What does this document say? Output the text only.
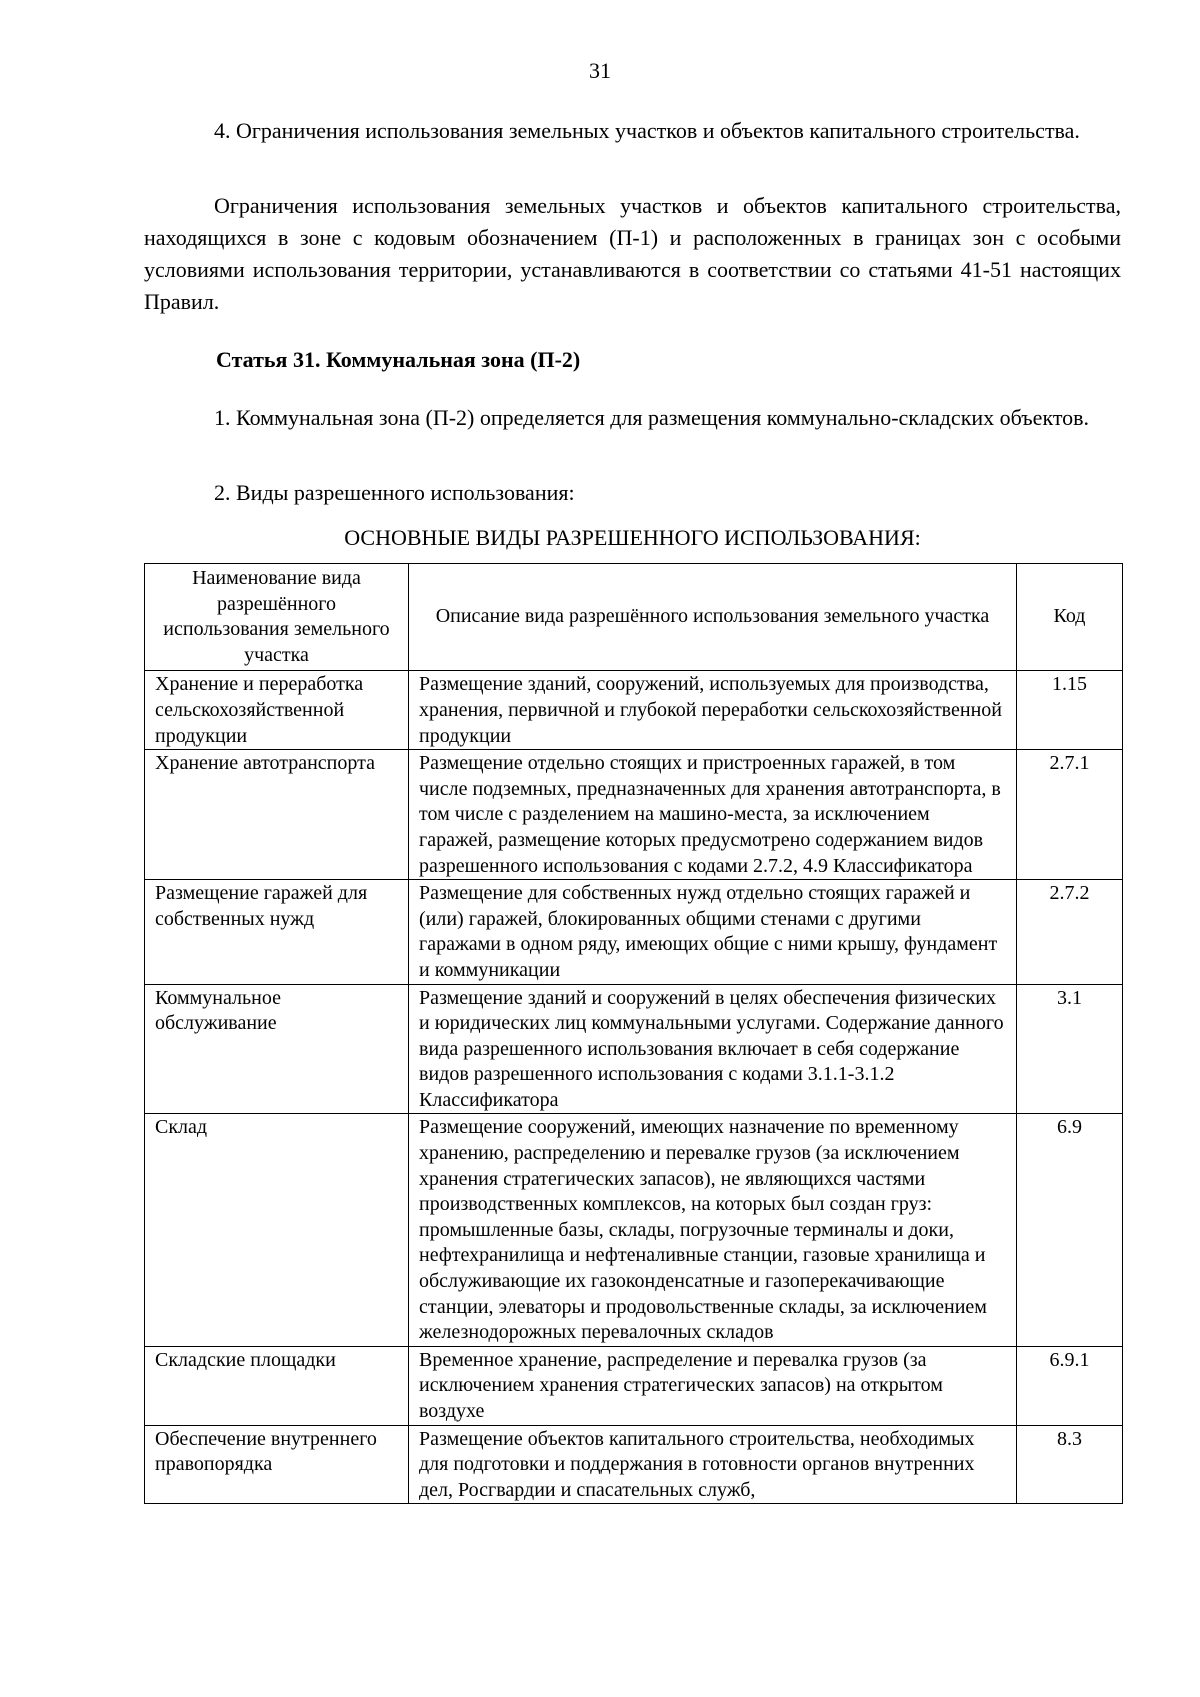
31

4. Ограничения использования земельных участков и объектов капитального строительства.

Ограничения использования земельных участков и объектов капитального строительства, находящихся в зоне с кодовым обозначением (П-1) и расположенных в границах зон с особыми условиями использования территории, устанавливаются в соответствии со статьями 41-51 настоящих Правил.

Статья 31. Коммунальная зона (П-2)

1. Коммунальная зона (П-2) определяется для размещения коммунально-складских объектов.

2. Виды разрешенного использования:

ОСНОВНЫЕ ВИДЫ РАЗРЕШЕННОГО ИСПОЛЬЗОВАНИЯ:

Наименование вида разрешённого использования земельного участка	Описание вида разрешённого использования земельного участка	Код
Хранение и переработка сельскохозяйственной продукции	Размещение зданий, сооружений, используемых для производства, хранения, первичной и глубокой переработки сельскохозяйственной продукции	1.15
Хранение автотранспорта	Размещение отдельно стоящих и пристроенных гаражей, в том числе подземных, предназначенных для хранения автотранспорта, в том числе с разделением на машино-места, за исключением гаражей, размещение которых предусмотрено содержанием видов разрешенного использования с кодами 2.7.2, 4.9 Классификатора	2.7.1
Размещение гаражей для собственных нужд	Размещение для собственных нужд отдельно стоящих гаражей и (или) гаражей, блокированных общими стенами с другими гаражами в одном ряду, имеющих общие с ними крышу, фундамент и коммуникации	2.7.2
Коммунальное обслуживание	Размещение зданий и сооружений в целях обеспечения физических и юридических лиц коммунальными услугами. Содержание данного вида разрешенного использования включает в себя содержание видов разрешенного использования с кодами 3.1.1-3.1.2 Классификатора	3.1
Склад	Размещение сооружений, имеющих назначение по временному хранению, распределению и перевалке грузов (за исключением хранения стратегических запасов), не являющихся частями производственных комплексов, на которых был создан груз: промышленные базы, склады, погрузочные терминалы и доки, нефтехранилища и нефтеналивные станции, газовые хранилища и обслуживающие их газоконденсатные и газоперекачивающие станции, элеваторы и продовольственные склады, за исключением железнодорожных перевалочных складов	6.9
Складские площадки	Временное хранение, распределение и перевалка грузов (за исключением хранения стратегических запасов) на открытом воздухе	6.9.1
Обеспечение внутреннего правопорядка	Размещение объектов капитального строительства, необходимых для подготовки и поддержания в готовности органов внутренних дел, Росгвардии и спасательных служб,	8.3
